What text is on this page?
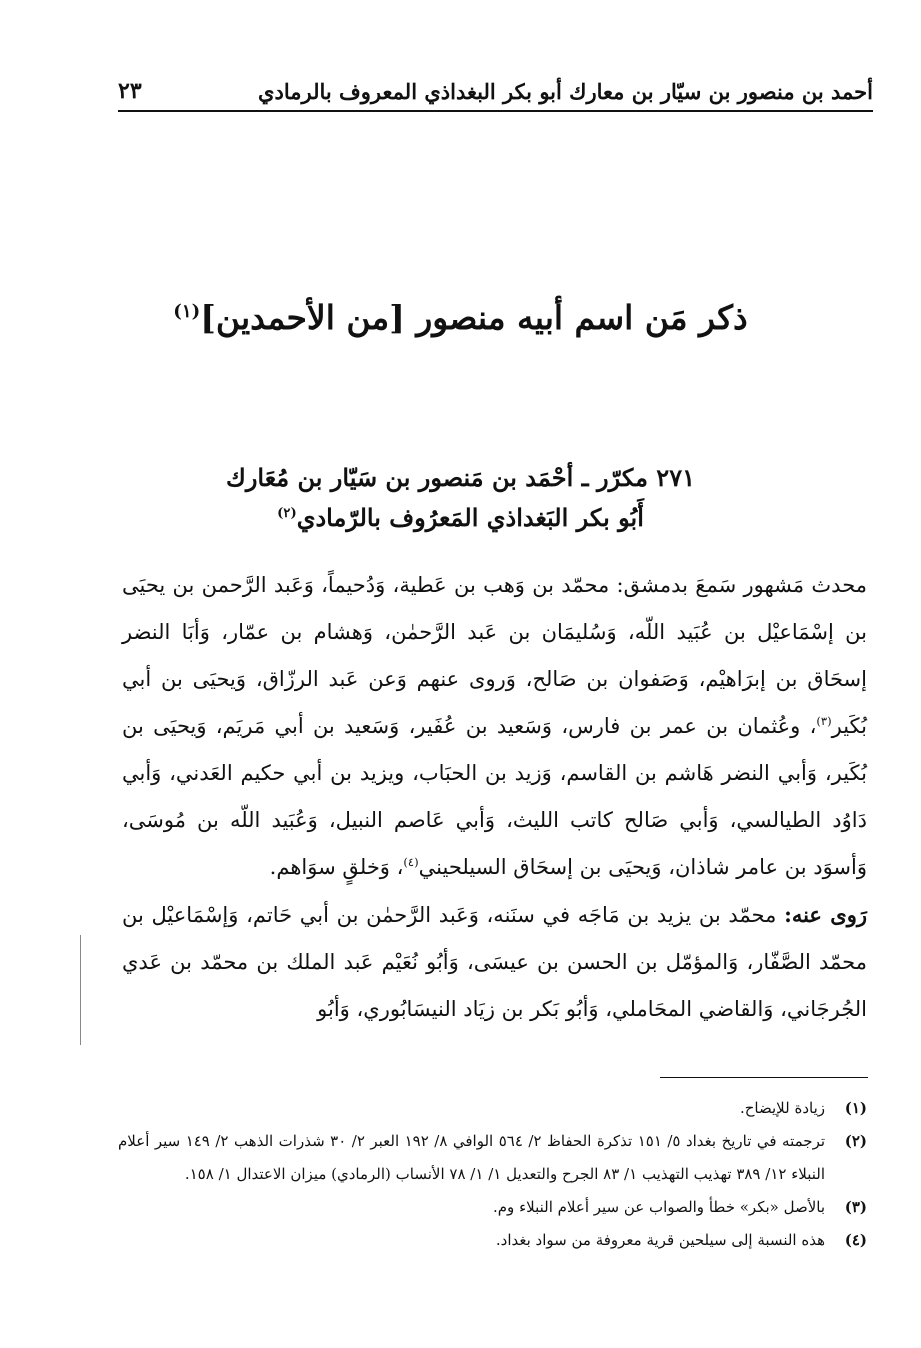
أحمد بن منصور بن سيّار بن معارك أبو بكر البغداذي المعروف بالرمادي
٢٣
ذكر مَن اسم أبيه منصور [من الأحمدين]$^{(١)}$
٢٧١ مكرّر ـ أحْمَد بن مَنصور بن سَيّار بن مُعَارك
أَبُو بكر البَغداذي المَعرُوف بالرّمادي$^{(٢)}$

محدث مَشهور سَمعَ بدمشق: محمّد بن وَهب بن عَطية، وَدُحيماً، وَعَبد الرَّحمن بن يحيَى بن إسْمَاعيْل بن عُبَيد اللّه، وَسُليمَان بن عَبد الرَّحمٰن، وَهشام بن عمّار، وَأبَا النضر إسحَاق بن إبرَاهيْم، وَصَفوان بن صَالح، وَروى عنهم وَعن عَبد الرزّاق، وَيحيَى بن أبي بُكَير$^{(٣)}$، وعُثمان بن عمر بن فارس، وَسَعيد بن عُفَير، وَسَعيد بن أبي مَريَم، وَيحيَى بن بُكَير، وَأبي النضر هَاشم بن القاسم، وَزيد بن الحبَاب، ويزيد بن أبي حكيم العَدني، وَأبي دَاوُد الطيالسي، وَأبي صَالح كاتب الليث، وَأبي عَاصم النبيل، وَعُبَيد اللّه بن مُوسَى، وَأسوَد بن عامر شاذان، وَيحيَى بن إسحَاق السيلحيني$^{(٤)}$، وَخلقٍ سوَاهم.

رَوى عنه: محمّد بن يزيد بن مَاجَه في سنَنه، وَعَبد الرَّحمٰن بن أبي حَاتم، وَإسْمَاعيْل بن محمّد الصَّفّار، وَالمؤمّل بن الحسن بن عيسَى، وَأبُو نُعَيْم عَبد الملك بن محمّد بن عَدي الجُرجَاني، وَالقاضي المحَاملي، وَأبُو بَكر بن زيَاد النيسَابُوري، وَأبُو

(١)
زيادة للإيضاح.
(٢)
ترجمته في تاريخ بغداد ٥/ ١٥١ تذكرة الحفاظ ٢/ ٥٦٤ الوافي ٨/ ١٩٢ العبر ٢/ ٣٠ شذرات الذهب ٢/ ١٤٩ سير أعلام النبلاء ١٢/ ٣٨٩ تهذيب التهذيب ١/ ٨٣ الجرح والتعديل ١/ ١/ ٧٨ الأنساب (الرمادي) ميزان الاعتدال ١/ ١٥٨.
(٣)
بالأصل «بكر» خطأ والصواب عن سير أعلام النبلاء وم.
(٤)
هذه النسبة إلى سيلحين قرية معروفة من سواد بغداد.
